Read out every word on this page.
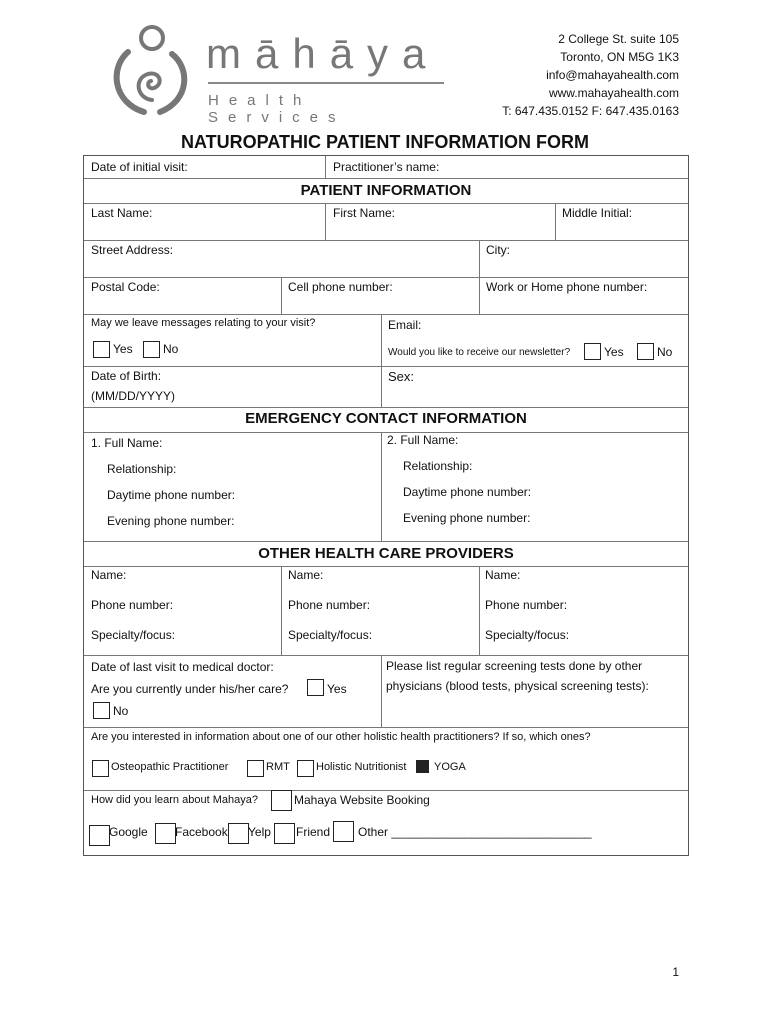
māhāya
Health Services
2 College St. suite 105
Toronto, ON M5G 1K3
info@mahayahealth.com
www.mahayahealth.com
T: 647.435.0152 F: 647.435.0163
NATUROPATHIC PATIENT INFORMATION FORM
Date of initial visit:	Practitioner’s name:
PATIENT INFORMATION
Last Name:	First Name:	Middle Initial:
Street Address:	City:
Postal Code:	Cell phone number:	Work or Home phone number:
May we leave messages relating to your visit?
Yes	No
Email:
Would you like to receive our newsletter?	Yes	No
Date of Birth:
(MM/DD/YYYY)
Sex:
EMERGENCY CONTACT INFORMATION
1. Full Name:
Relationship:
Daytime phone number:
Evening phone number:
2. Full Name:
Relationship:
Daytime phone number:
Evening phone number:
OTHER HEALTH CARE PROVIDERS
Name:	Name:	Name:
Phone number:	Phone number:	Phone number:
Specialty/focus:	Specialty/focus:	Specialty/focus:
Date of last visit to medical doctor:
Are you currently under his/her care?	Yes
No
Please list regular screening tests done by other
physicians (blood tests, physical screening tests):
Are you interested in information about one of our other holistic health practitioners? If so, which ones?
Osteopathic Practitioner	RMT Holistic Nutritionist	YOGA
How did you learn about Mahaya?	Mahaya Website Booking
Google Facebook Yelp Friend Other ______________________________
1
